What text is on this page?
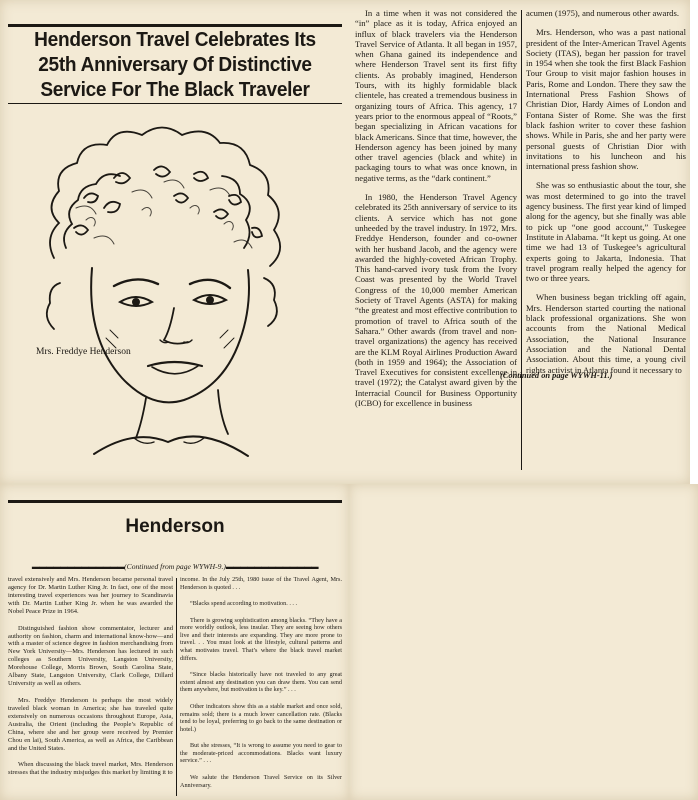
Henderson Travel Celebrates Its
25th Anniversary Of Distinctive
Service For The Black Traveler
Mrs. Freddye Henderson

In a time when it was not considered the “in” place as it is today, Africa enjoyed an influx of black travelers via the Henderson Travel Service of Atlanta. It all began in 1957, when Ghana gained its independence and where Henderson Travel sent its first fifty clients. As probably imagined, Henderson Tours, with its highly formidable black clientele, has created a tremendous business in organizing tours of Africa. This agency, 17 years prior to the enormous appeal of “Roots,” began specializing in African vacations for black Americans. Since that time, however, the Henderson agency has been joined by many other travel agencies (black and white) in packaging tours to what was once known, in negative terms, as the “dark continent.”

In 1980, the Henderson Travel Agency celebrated its 25th anniversary of service to its clients. A service which has not gone unheeded by the travel industry. In 1972, Mrs. Freddye Henderson, founder and co-owner with her husband Jacob, and the agency were awarded the highly-coveted African Trophy. This hand-carved ivory tusk from the Ivory Coast was presented by the World Travel Congress of the 10,000 member American Society of Travel Agents (ASTA) for making “the greatest and most effective contribution to promotion of travel to Africa south of the Sahara.” Other awards (from travel and non-travel organizations) the agency has received are the KLM Royal Airlines Production Award (both in 1959 and 1964); the Association of Travel Executives for consistent excellence in travel (1972); the Catalyst award given by the Interracial Council for Business Opportunity (ICBO) for excellence in business

acumen (1975), and numerous other awards.

Mrs. Henderson, who was a past national president of the Inter-American Travel Agents Society (ITAS), began her passion for travel in 1954 when she took the first Black Fashion Tour Group to visit major fashion houses in Paris, Rome and London. There they saw the International Press Fashion Shows of Christian Dior, Hardy Aimes of London and Fontana Sister of Rome. She was the first black fashion writer to cover these fashion shows. While in Paris, she and her party were personal guests of Christian Dior with invitations to his luncheon and his international press fashion show.

She was so enthusiastic about the tour, she was most determined to go into the travel agency business. The first year kind of limped along for the agency, but she finally was able to pick up “one good account,” Tuskegee Institute in Alabama. “It kept us going. At one time we had 13 of Tuskegee’s agricultural experts going to Jakarta, Indonesia. That travel program really helped the agency for two or three years.

When business began trickling off again, Mrs. Henderson started courting the national black professional organizations. She won accounts from the National Medical Association, the National Insurance Association and the National Dental Association. About this time, a young civil rights activist in Atlanta found it necessary to

(Continued on page WYWH-11.)
Henderson
▬▬▬▬▬▬▬▬▬▬▬▬▬(Continued from page WYWH-9.)▬▬▬▬▬▬▬▬▬▬▬▬▬

travel extensively and Mrs. Henderson became personal travel agency for Dr. Martin Luther King Jr. In fact, one of the most interesting travel experiences was her journey to Scandinavia with Dr. Martin Luther King Jr. when he was awarded the Nobel Peace Prize in 1964.

Distinguished fashion show commentator, lecturer and authority on fashion, charm and international know-how—and with a master of science degree in fashion merchandising from New York University—Mrs. Henderson has lectured in such colleges as Southern University, Langston University, Morehouse College, Morris Brown, South Carolina State, Albany State, Langston University, Clark College, Dillard University as well as others.

Mrs. Freddye Henderson is perhaps the most widely traveled black woman in America; she has traveled quite extensively on numerous occasions throughout Europe, Asia, Australia, the Orient (including the People’s Republic of China, where she and her group were received by Premier Chou en lai), South America, as well as Africa, the Caribbean and the United States.

When discussing the black travel market, Mrs. Henderson stresses that the industry misjudges this market by limiting it to

income. In the July 25th, 1980 issue of the Travel Agent, Mrs. Henderson is quoted . . .

“Blacks spend according to motivation. . . .

There is growing sophistication among blacks. “They have a more worldly outlook, less insular. They are seeing how others live and their interests are expanding. They are more prone to travel. . . You must look at the lifestyle, cultural patterns and what motivates travel. That’s where the black travel market differs.

“Since blacks historically have not traveled to any great extent almost any destination you can draw them. You can send them anywhere, but motivation is the key.” . . .

Other indicators show this as a stable market and once sold, remains sold; there is a much lower cancellation rate. (Blacks tend to be loyal, preferring to go back to the same destination or hotel.)

But she stresses, “It is wrong to assume you need to gear to the moderate-priced accommodations. Blacks want luxury service.” . . .

We salute the Henderson Travel Service on its Silver Anniversary.
